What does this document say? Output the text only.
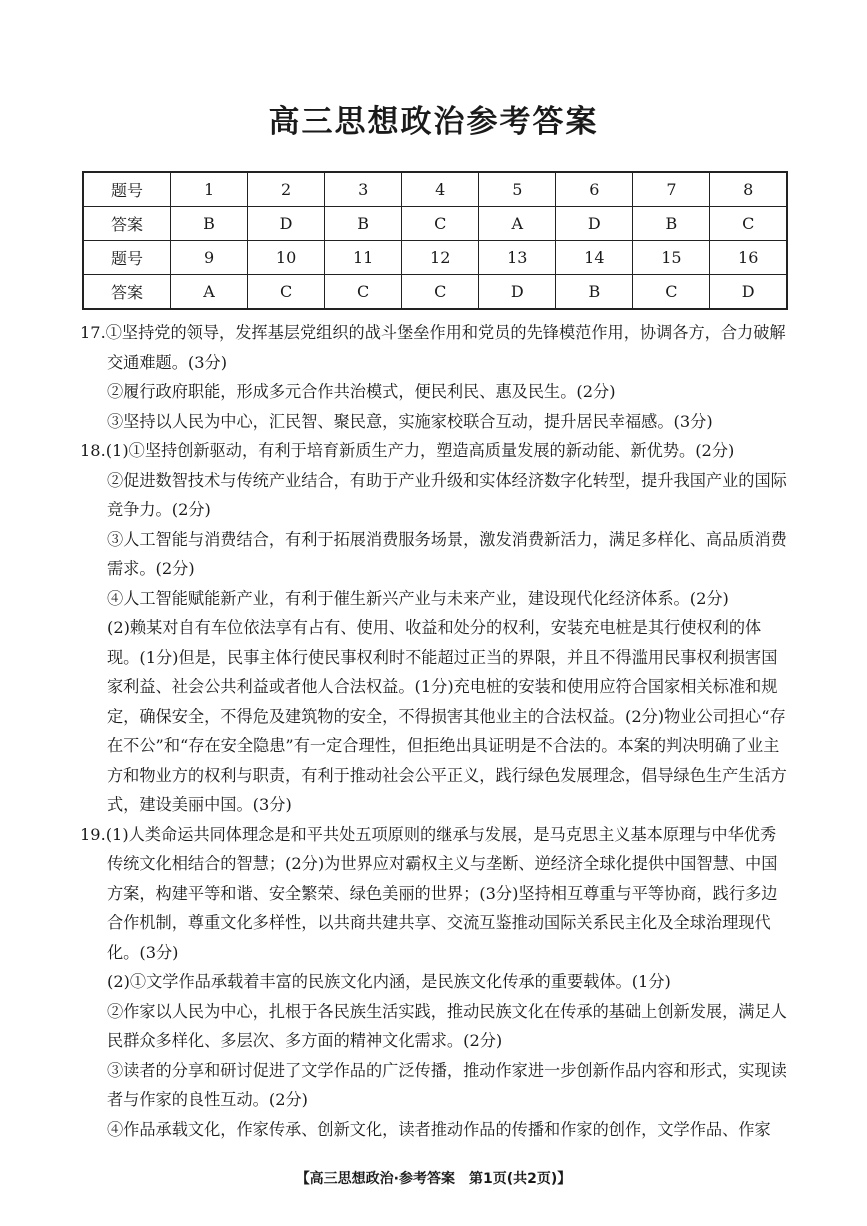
高三思想政治参考答案
题号	1	2	3	4	5	6	7	8
答案	B	D	B	C	A	D	B	C
题号	9	10	11	12	13	14	15	16
答案	A	C	C	C	D	B	C	D

17.①坚持党的领导，发挥基层党组织的战斗堡垒作用和党员的先锋模范作用，协调各方，合力破解交通难题。(3分)

②履行政府职能，形成多元合作共治模式，便民利民、惠及民生。(2分)

③坚持以人民为中心，汇民智、聚民意，实施家校联合互动，提升居民幸福感。(3分)

18.(1)①坚持创新驱动，有利于培育新质生产力，塑造高质量发展的新动能、新优势。(2分)

②促进数智技术与传统产业结合，有助于产业升级和实体经济数字化转型，提升我国产业的国际竞争力。(2分)

③人工智能与消费结合，有利于拓展消费服务场景，激发消费新活力，满足多样化、高品质消费需求。(2分)

④人工智能赋能新产业，有利于催生新兴产业与未来产业，建设现代化经济体系。(2分)

(2)赖某对自有车位依法享有占有、使用、收益和处分的权利，安装充电桩是其行使权利的体现。(1分)但是，民事主体行使民事权利时不能超过正当的界限，并且不得滥用民事权利损害国家利益、社会公共利益或者他人合法权益。(1分)充电桩的安装和使用应符合国家相关标准和规定，确保安全，不得危及建筑物的安全，不得损害其他业主的合法权益。(2分)物业公司担心“存在不公”和“存在安全隐患”有一定合理性，但拒绝出具证明是不合法的。本案的判决明确了业主方和物业方的权利与职责，有利于推动社会公平正义，践行绿色发展理念，倡导绿色生产生活方式，建设美丽中国。(3分)

19.(1)人类命运共同体理念是和平共处五项原则的继承与发展，是马克思主义基本原理与中华优秀传统文化相结合的智慧；(2分)为世界应对霸权主义与垄断、逆经济全球化提供中国智慧、中国方案，构建平等和谐、安全繁荣、绿色美丽的世界；(3分)坚持相互尊重与平等协商，践行多边合作机制，尊重文化多样性，以共商共建共享、交流互鉴推动国际关系民主化及全球治理现代化。(3分)

(2)①文学作品承载着丰富的民族文化内涵，是民族文化传承的重要载体。(1分)

②作家以人民为中心，扎根于各民族生活实践，推动民族文化在传承的基础上创新发展，满足人民群众多样化、多层次、多方面的精神文化需求。(2分)

③读者的分享和研讨促进了文学作品的广泛传播，推动作家进一步创新作品内容和形式，实现读者与作家的良性互动。(2分)

④作品承载文化，作家传承、创新文化，读者推动作品的传播和作家的创作，文学作品、作家

【高三思想政治·参考答案　第1页(共2页)】
